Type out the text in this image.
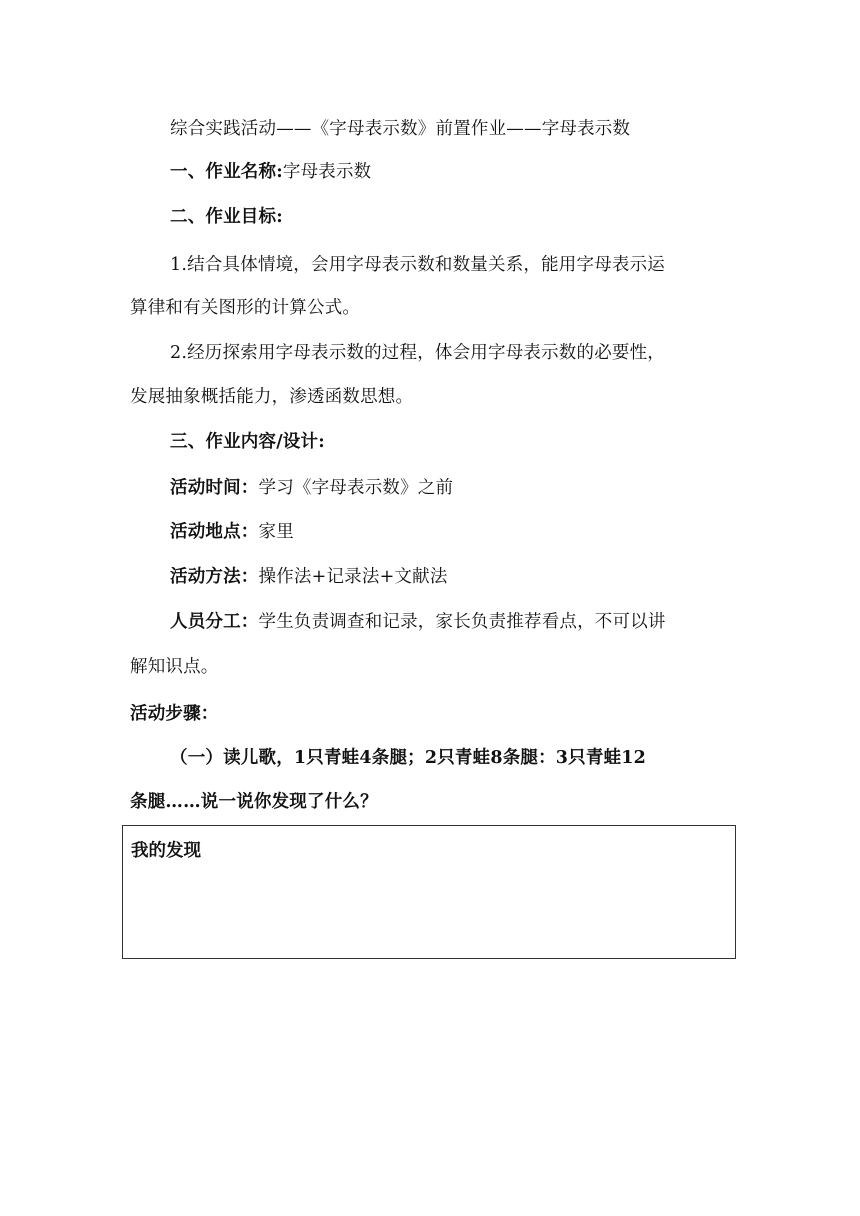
综合实践活动——《字母表示数》前置作业——字母表示数
一、作业名称:字母表示数
二、作业目标:
1.结合具体情境，会用字母表示数和数量关系，能用字母表示运
算律和有关图形的计算公式。
2.经历探索用字母表示数的过程，体会用字母表示数的必要性，
发展抽象概括能力，渗透函数思想。
三、作业内容/设计:
活动时间：学习《字母表示数》之前
活动地点：家里
活动方法：操作法+记录法+文献法
人员分工：学生负责调查和记录，家长负责推荐看点，不可以讲
解知识点。
活动步骤：
（一）读儿歌，1只青蛙4条腿；2只青蛙8条腿：3只青蛙12
条腿……说一说你发现了什么？
我的发现
